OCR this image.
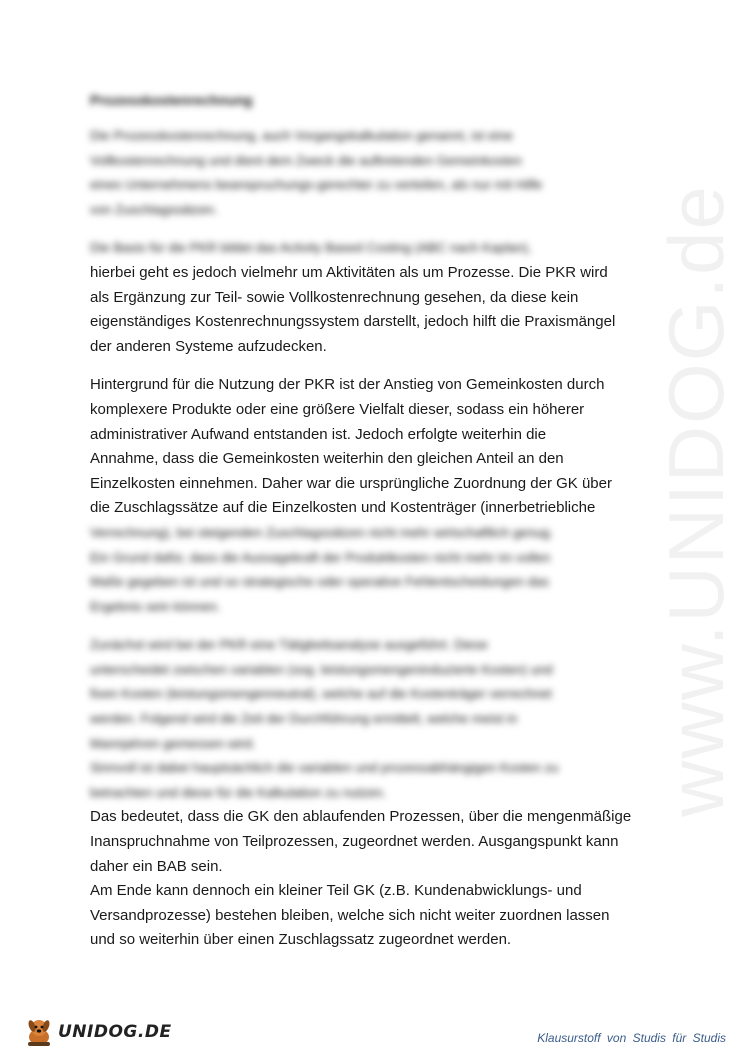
www.UNIDOG.de
Prozesskostenrechnung

Die Prozesskostenrechnung, auch Vorgangskalkulation genannt, ist eine
Vollkostenrechnung und dient dem Zweck die auftretenden Gemeinkosten
eines Unternehmens beanspruchungs-gerechter zu verteilen, als nur mit Hilfe
von Zuschlagssätzen.

Die Basis für die PKR bildet das Activity Based Costing (ABC nach Kaplan),
hierbei geht es jedoch vielmehr um Aktivitäten als um Prozesse. Die PKR wird
als Ergänzung zur Teil- sowie Vollkostenrechnung gesehen, da diese kein
eigenständiges Kostenrechnungssystem darstellt, jedoch hilft die Praxismängel
der anderen Systeme aufzudecken.

Hintergrund für die Nutzung der PKR ist der Anstieg von Gemeinkosten durch
komplexere Produkte oder eine größere Vielfalt dieser, sodass ein höherer
administrativer Aufwand entstanden ist. Jedoch erfolgte weiterhin die
Annahme, dass die Gemeinkosten weiterhin den gleichen Anteil an den
Einzelkosten einnehmen. Daher war die ursprüngliche Zuordnung der GK über
die Zuschlagssätze auf die Einzelkosten und Kostenträger (innerbetriebliche
Verrechnung), bei steigenden Zuschlagssätzen nicht mehr wirtschaftlich genug.
Ein Grund dafür, dass die Aussagekraft der Produktkosten nicht mehr im vollen
Maße gegeben ist und so strategische oder operative Fehlentscheidungen das
Ergebnis sein können.

Zunächst wird bei der PKR eine Tätigkeitsanalyse ausgeführt. Diese
unterscheidet zwischen variablen (sog. leistungsmengeninduzierte Kosten) und
fixen Kosten (leistungsmengenneutral), welche auf die Kostenträger verrechnet
werden. Folgend wird die Zeit der Durchführung ermittelt, welche meist in
Mannjahren gemessen wird.
Sinnvoll ist dabei hauptsächlich die variablen und prozessabhängigen Kosten zu
betrachten und diese für die Kalkulation zu nutzen.

Das bedeutet, dass die GK den ablaufenden Prozessen, über die mengenmäßige
Inanspruchnahme von Teilprozessen, zugeordnet werden. Ausgangspunkt kann
daher ein BAB sein.
Am Ende kann dennoch ein kleiner Teil GK (z.B. Kundenabwicklungs- und
Versandprozesse) bestehen bleiben, welche sich nicht weiter zuordnen lassen
und so weiterhin über einen Zuschlagssatz zugeordnet werden.

UNIDOG.DE	Klausurstoff von Studis für Studis
